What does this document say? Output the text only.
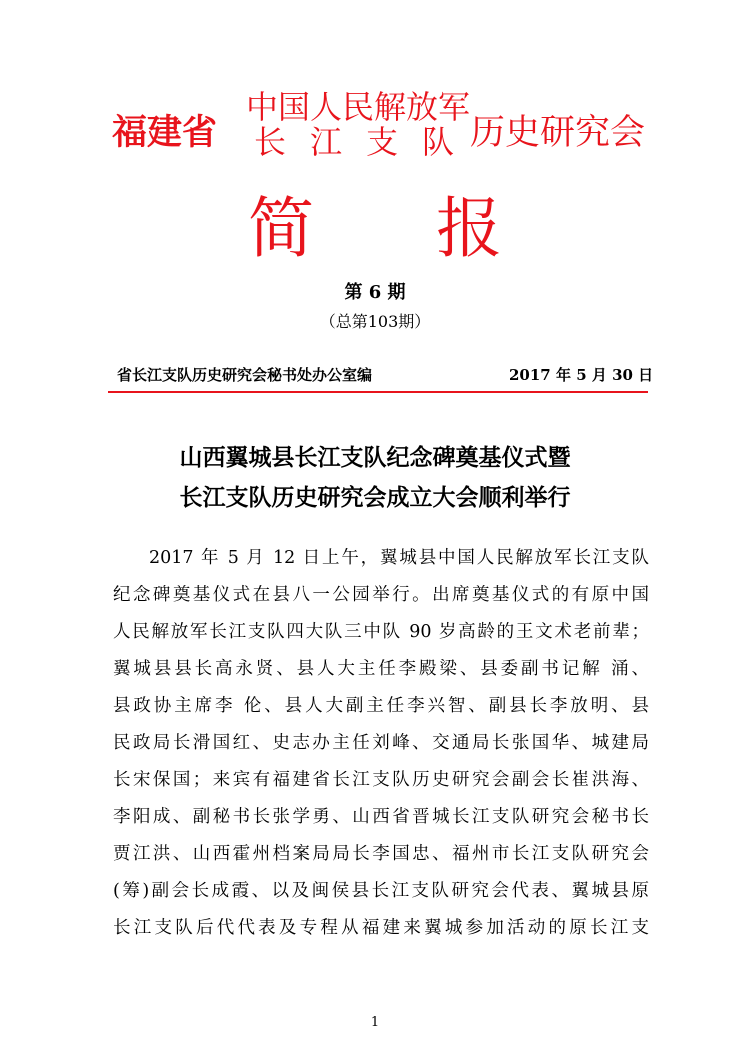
福建省
中国人民解放军
长江支队
历史研究会
简 报
第 6 期
（总第103期）
省长江支队历史研究会秘书处办公室编	2017 年 5 月 30 日
山西翼城县长江支队纪念碑奠基仪式暨
长江支队历史研究会成立大会顺利举行
2017 年 5 月 12 日上午，翼城县中国人民解放军长江支队
纪念碑奠基仪式在县八一公园举行。出席奠基仪式的有原中国
人民解放军长江支队四大队三中队 90 岁高龄的王文术老前辈；
翼城县县长高永贤、县人大主任李殿梁、县委副书记解 涌、
县政协主席李 伦、县人大副主任李兴智、副县长李放明、县
民政局长滑国红、史志办主任刘峰、交通局长张国华、城建局
长宋保国；来宾有福建省长江支队历史研究会副会长崔洪海、
李阳成、副秘书长张学勇、山西省晋城长江支队研究会秘书长
贾江洪、山西霍州档案局局长李国忠、福州市长江支队研究会
(筹)副会长成霞、以及闽侯县长江支队研究会代表、翼城县原
长江支队后代代表及专程从福建来翼城参加活动的原长江支
1
